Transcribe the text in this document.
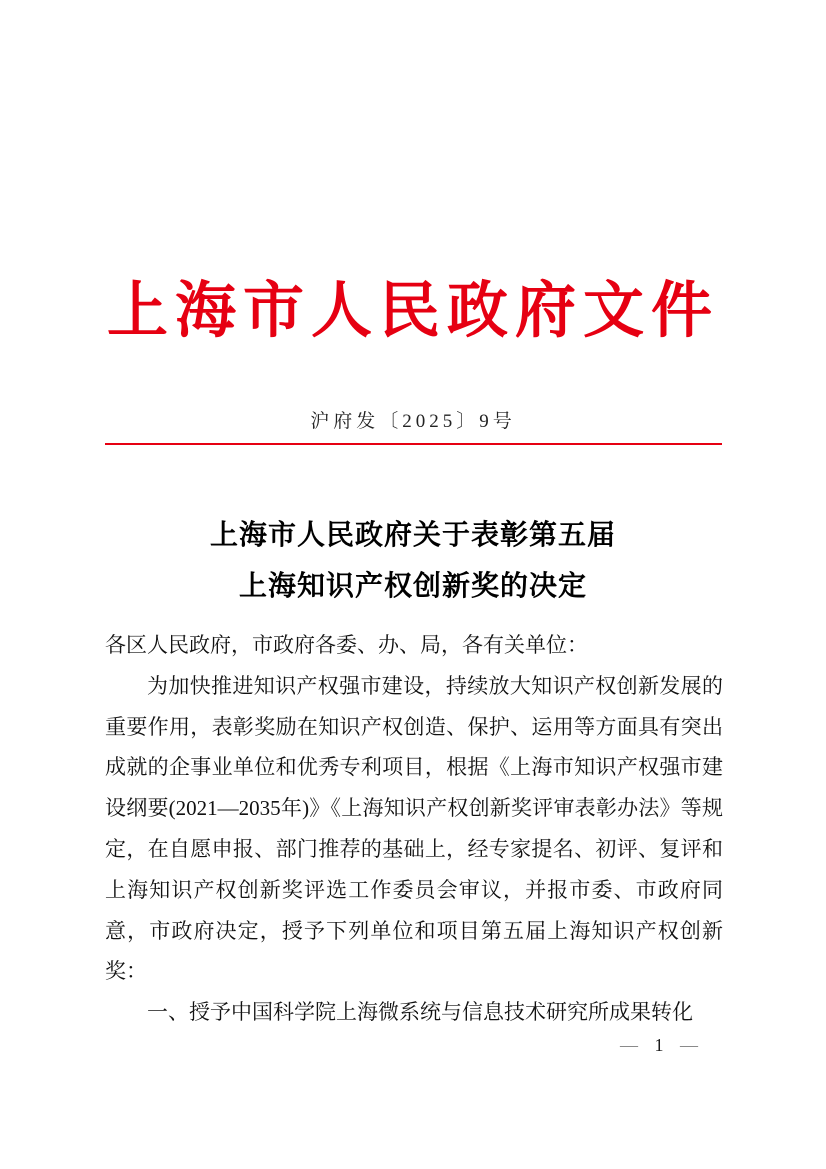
上海市人民政府文件
沪府发〔2025〕9号
上海市人民政府关于表彰第五届
上海知识产权创新奖的决定

各区人民政府，市政府各委、办、局，各有关单位：

为加快推进知识产权强市建设，持续放大知识产权创新发展的重要作用，表彰奖励在知识产权创造、保护、运用等方面具有突出成就的企事业单位和优秀专利项目，根据《上海市知识产权强市建设纲要(2021—2035年)》《上海知识产权创新奖评审表彰办法》等规定，在自愿申报、部门推荐的基础上，经专家提名、初评、复评和上海知识产权创新奖评选工作委员会审议，并报市委、市政府同意，市政府决定，授予下列单位和项目第五届上海知识产权创新奖：

一、授予中国科学院上海微系统与信息技术研究所成果转化

— 1 —
